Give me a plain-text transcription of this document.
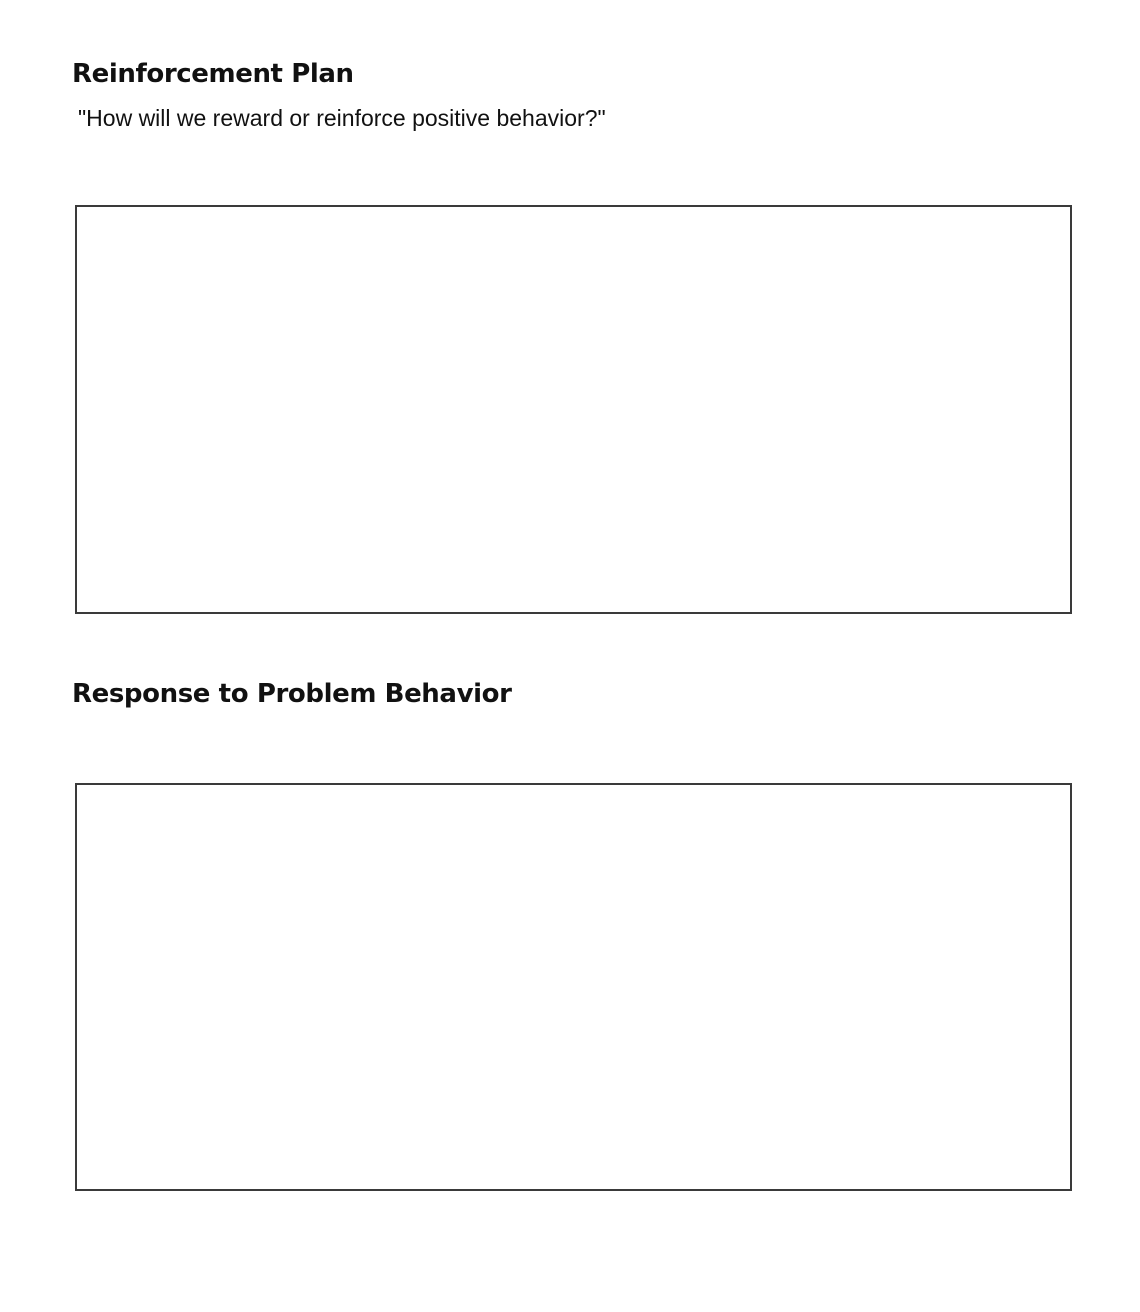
Reinforcement Plan

"How will we reward or reinforce positive behavior?"

Response to Problem Behavior
